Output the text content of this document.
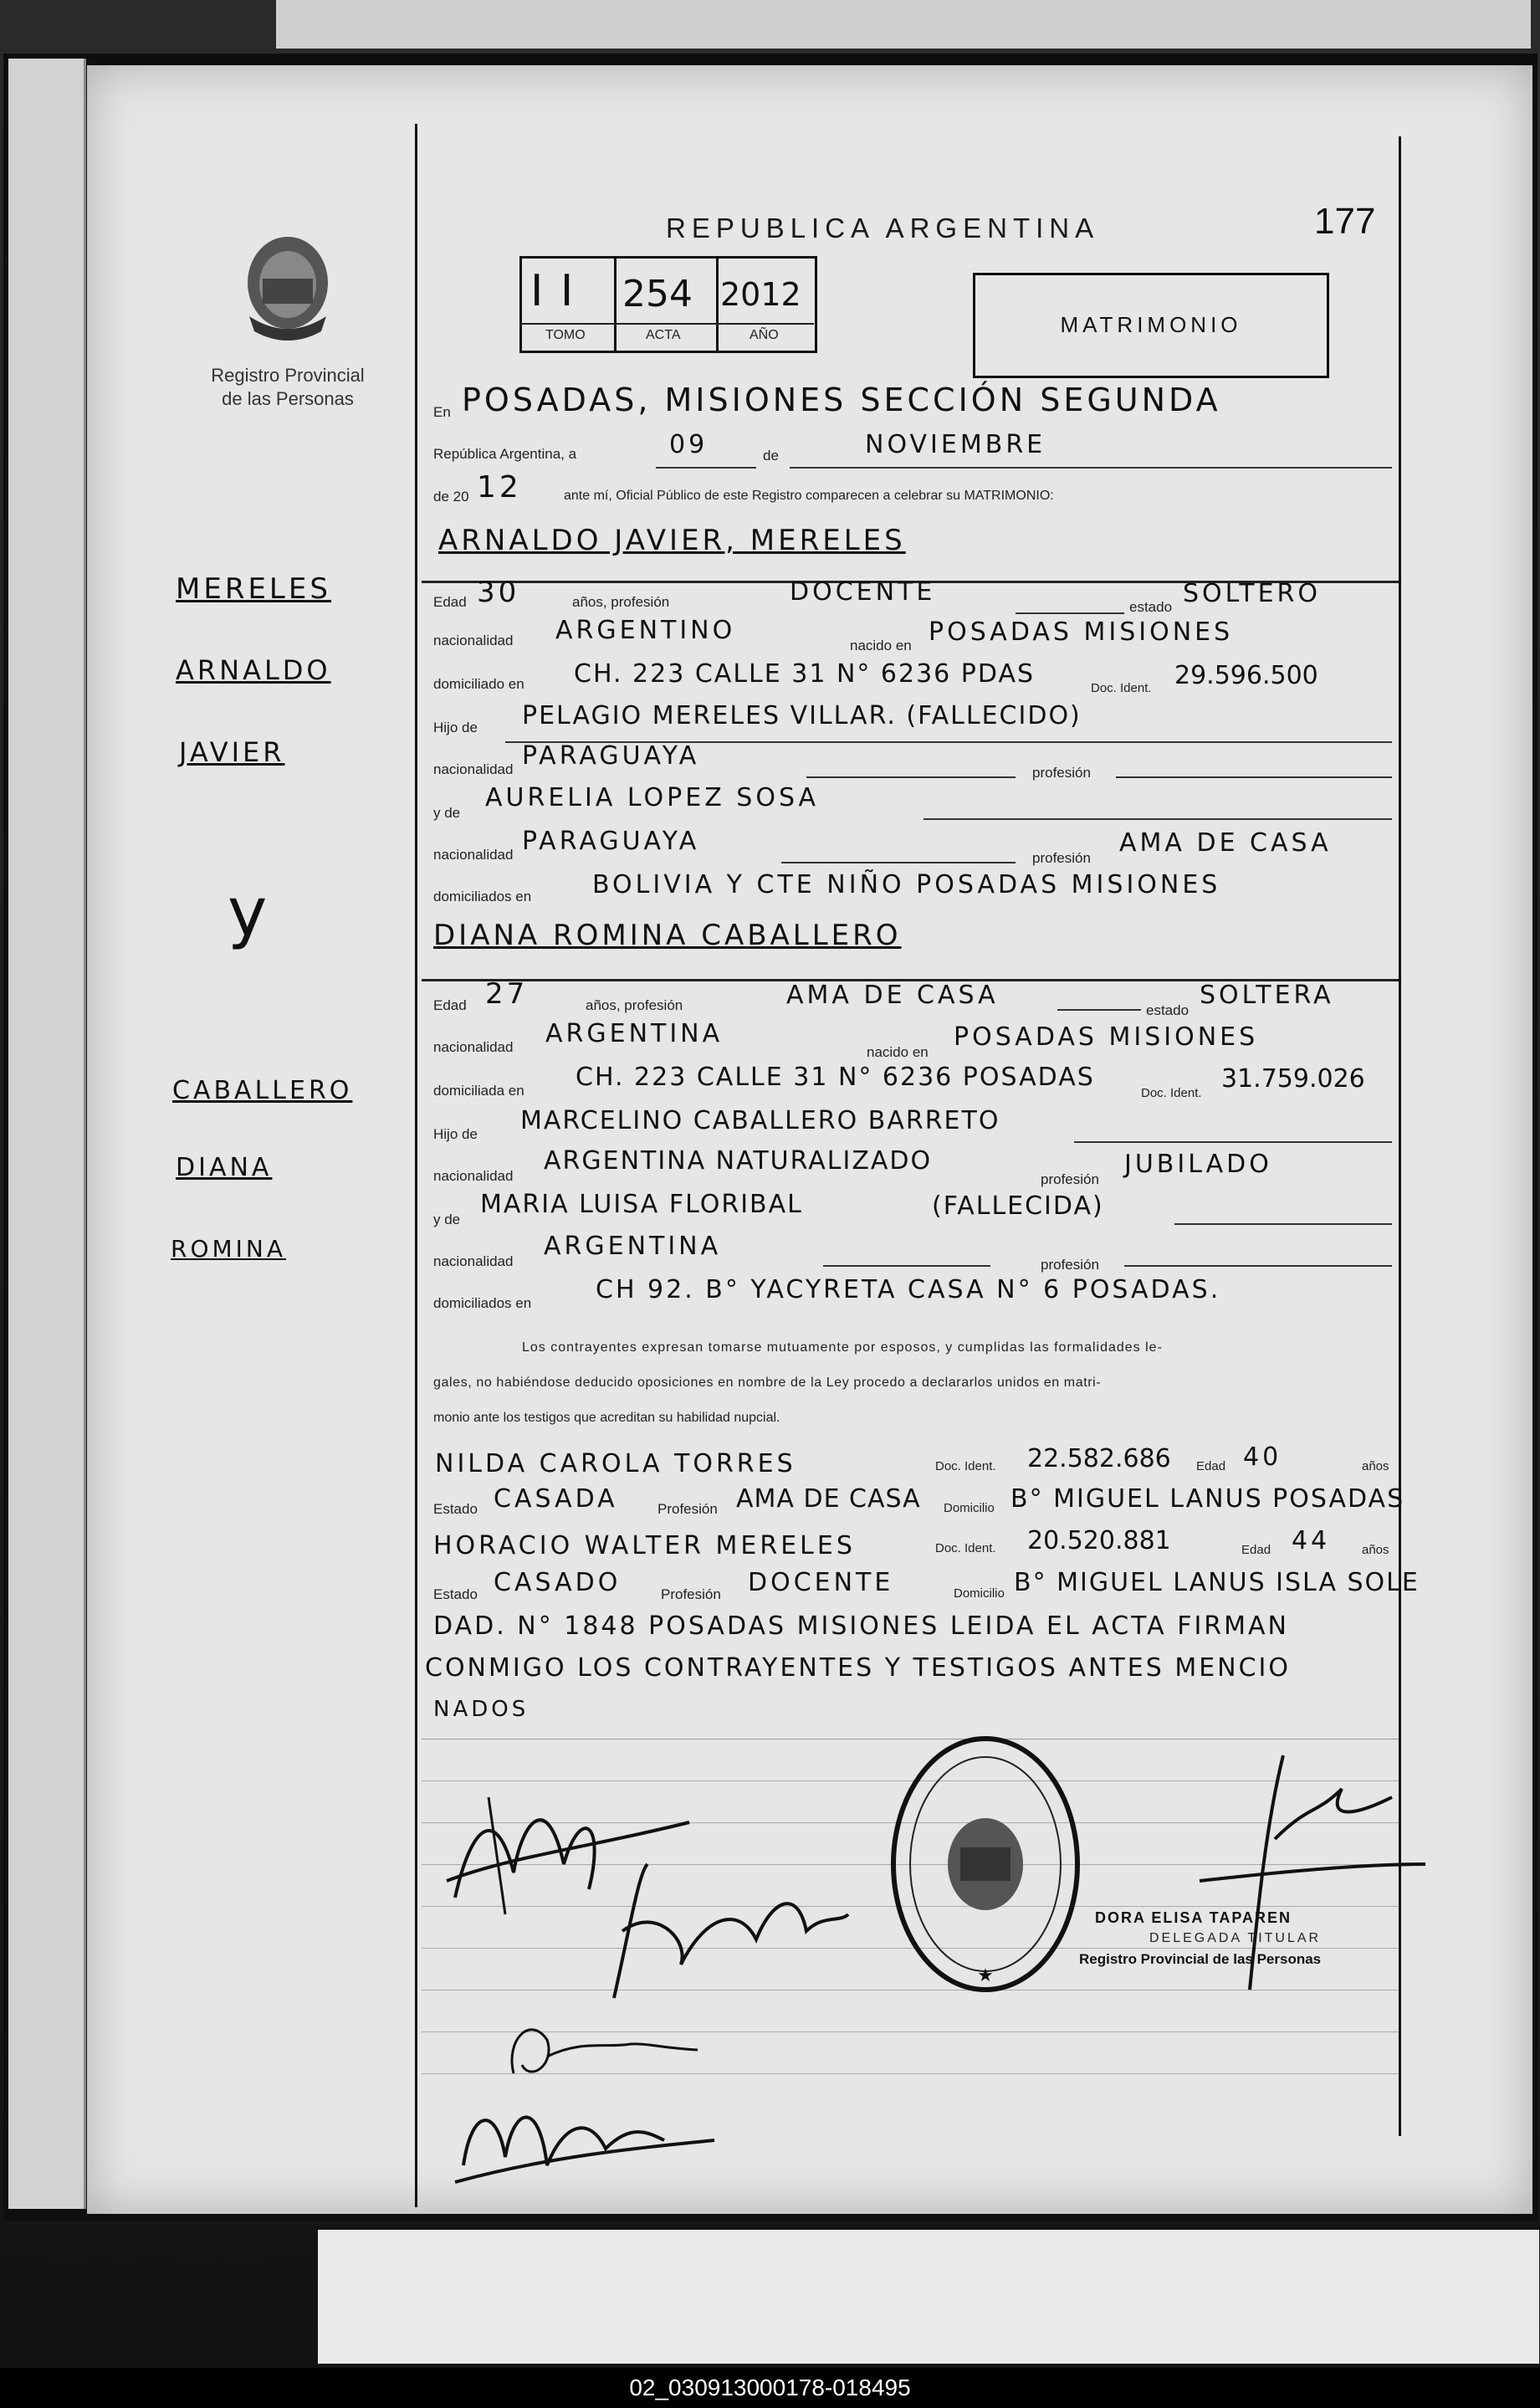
Registro Provincial
de las Personas
REPUBLICA ARGENTINA	177
I I 254 2012
TOMO	ACTA	AÑO	MATRIMONIO
En POSADAS, MISIONES SECCIÓN SEGUNDA
República Argentina, a	09	de	NOVIEMBRE
de 20 12	ante mí, Oficial Público de este Registro comparecen a celebrar su MATRIMONIO:
ARNALDO JAVIER, MERELES
Edad 30	años, profesión	DOCENTE
estado SOLTERO
nacionalidad ARGENTINO
nacido en POSADAS MISIONES
domiciliado en CH. 223 CALLE 31 N° 6236 PDAS	Doc. Ident. 29.596.500
Hijo de PELAGIO MERELES VILLAR. (FALLECIDO)
nacionalidad PARAGUAYA
profesión
y de
AURELIA LOPEZ SOSA
nacionalidad PARAGUAYA
profesión
AMA DE CASA
domiciliados en BOLIVIA Y CTE NIÑO POSADAS MISIONES
DIANA ROMINA CABALLERO
Edad 27	años, profesión	AMA DE CASA
estado
SOLTERA
nacionalidad ARGENTINA
nacido en
POSADAS MISIONES
domiciliada en CH. 223 CALLE 31 N° 6236 POSADAS
Doc. Ident. 31.759.026
Hijo de MARCELINO CABALLERO BARRETO
nacionalidad
ARGENTINA NATURALIZADO
profesión
JUBILADO
y de
MARIA LUISA FLORIBAL	(FALLECIDA)
nacionalidad
ARGENTINA
profesión
domiciliados en	CH 92. B° YACYRETA CASA N° 6 POSADAS.
Los contrayentes expresan tomarse mutuamente por esposos, y cumplidas las formalidades le-
gales, no habiéndose deducido oposiciones en nombre de la Ley procedo a declararlos unidos en matri-
monio ante los testigos que acreditan su habilidad nupcial.
NILDA CAROLA TORRES	Doc. Ident. 22.582.686 Edad 40	años
Estado CASADA	Profesión AMA DE CASA Domicilio B° MIGUEL LANUS POSADAS
HORACIO WALTER MERELES	Doc. Ident. 20.520.881	Edad 44	años
Estado CASADO	Profesión DOCENTE	Domicilio B° MIGUEL LANUS ISLA SOLE
DAD. N° 1848 POSADAS MISIONES LEIDA EL ACTA FIRMAN
CONMIGO LOS CONTRAYENTES Y TESTIGOS ANTES MENCIO
NADOS
★
DORA ELISA TAPAREN
DELEGADA TITULAR
Registro Provincial de las Personas
MERELES
ARNALDO
JAVIER
y
CABALLERO
DIANA
ROMINA
02_030913000178-018495
